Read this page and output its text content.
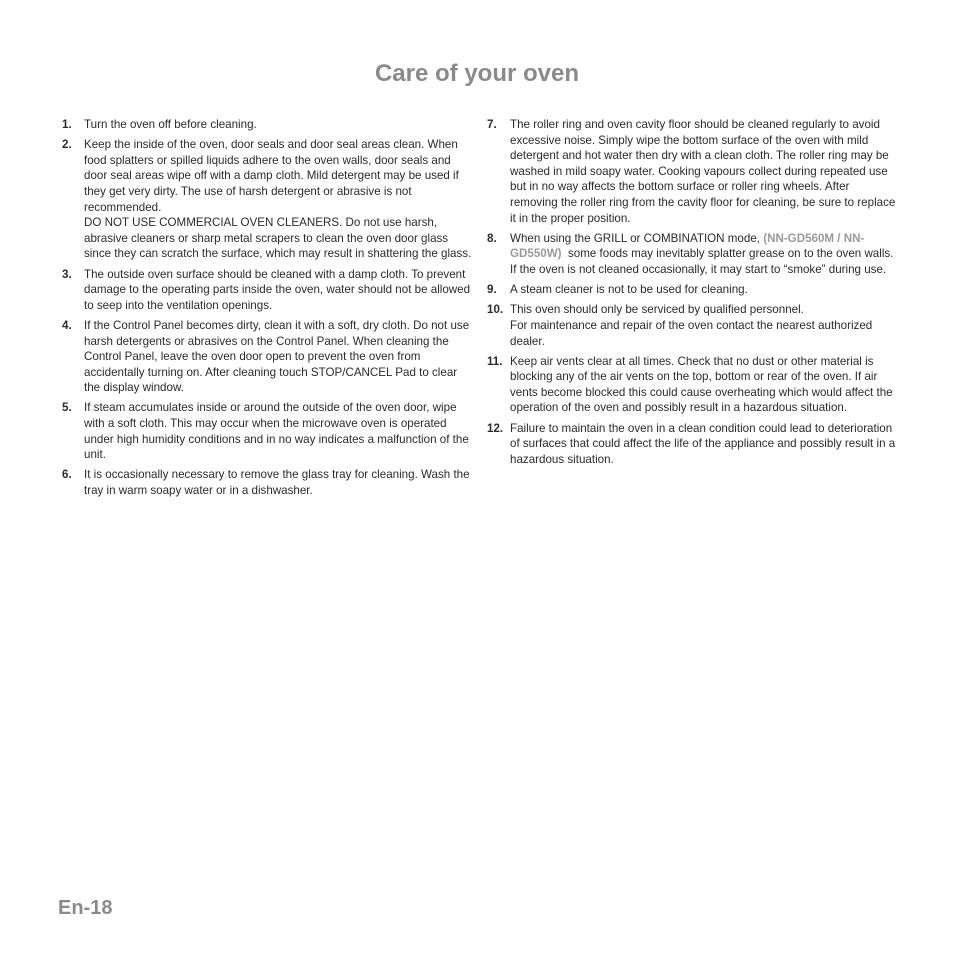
Care of your oven
1. Turn the oven off before cleaning.
2. Keep the inside of the oven, door seals and door seal areas clean. When food splatters or spilled liquids adhere to the oven walls, door seals and door seal areas wipe off with a damp cloth. Mild detergent may be used if they get very dirty. The use of harsh detergent or abrasive is not recommended.
DO NOT USE COMMERCIAL OVEN CLEANERS. Do not use harsh, abrasive cleaners or sharp metal scrapers to clean the oven door glass since they can scratch the surface, which may result in shattering the glass.
3. The outside oven surface should be cleaned with a damp cloth. To prevent damage to the operating parts inside the oven, water should not be allowed to seep into the ventilation openings.
4. If the Control Panel becomes dirty, clean it with a soft, dry cloth. Do not use harsh detergents or abrasives on the Control Panel. When cleaning the Control Panel, leave the oven door open to prevent the oven from accidentally turning on. After cleaning touch STOP/CANCEL Pad to clear the display window.
5. If steam accumulates inside or around the outside of the oven door, wipe with a soft cloth. This may occur when the microwave oven is operated under high humidity conditions and in no way indicates a malfunction of the unit.
6. It is occasionally necessary to remove the glass tray for cleaning. Wash the tray in warm soapy water or in a dishwasher.
7. The roller ring and oven cavity floor should be cleaned regularly to avoid excessive noise. Simply wipe the bottom surface of the oven with mild detergent and hot water then dry with a clean cloth. The roller ring may be washed in mild soapy water. Cooking vapours collect during repeated use but in no way affects the bottom surface or roller ring wheels. After removing the roller ring from the cavity floor for cleaning, be sure to replace it in the proper position.
8. When using the GRILL or COMBINATION mode, (NN-GD560M / NN-GD550W)  some foods may inevitably splatter grease on to the oven walls. If the oven is not cleaned occasionally, it may start to “smoke” during use.
9. A steam cleaner is not to be used for cleaning.
10. This oven should only be serviced by qualified personnel.
For maintenance and repair of the oven contact the nearest authorized dealer.
11. Keep air vents clear at all times. Check that no dust or other material is blocking any of the air vents on the top, bottom or rear of the oven. If air vents become blocked this could cause overheating which would affect the operation of the oven and possibly result in a hazardous situation.
12. Failure to maintain the oven in a clean condition could lead to deterioration of surfaces that could affect the life of the appliance and possibly result in a hazardous situation.
En-18
